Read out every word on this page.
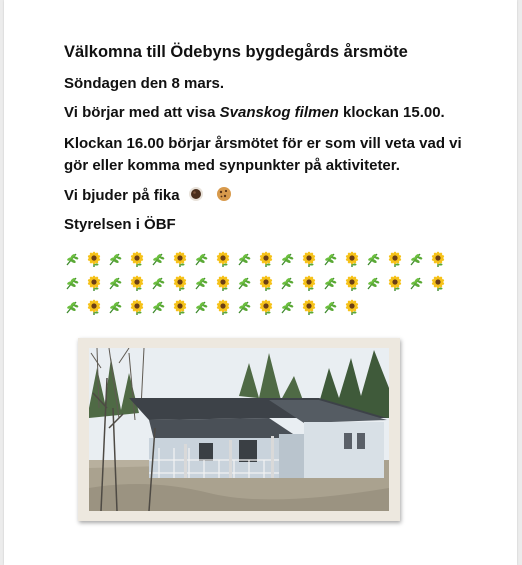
Välkomna till Ödebyns bygdegårds årsmöte
Söndagen den 8 mars.
Vi börjar med att visa Svanskog filmen klockan 15.00.
Klockan 16.00 börjar årsmötet för er som vill veta vad vi gör eller komma med synpunkter på aktiviteter.
Vi bjuder på fika
Styrelsen i ÖBF
